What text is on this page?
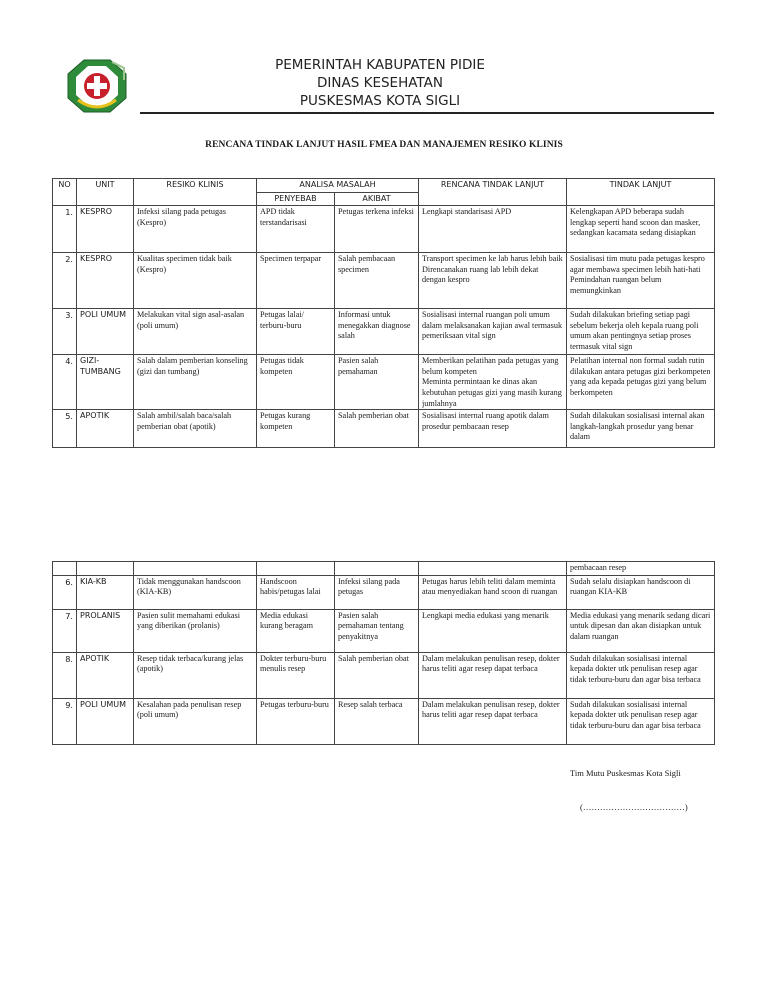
PEMERINTAH KABUPATEN PIDIE
DINAS KESEHATAN
PUSKESMAS KOTA SIGLI
RENCANA TINDAK LANJUT HASIL FMEA DAN MANAJEMEN RESIKO KLINIS
NO	UNIT	RESIKO KLINIS	ANALISA MASALAH		RENCANA TINDAK LANJUT	TINDAK LANJUT
			PENYEBAB	AKIBAT		

1.	KESPRO	Infeksi silang pada petugas (Kespro)	APD tidak terstandarisasi	Petugas terkena infeksi	Lengkapi standarisasi APD	Kelengkapan APD beberapa sudah lengkap seperti hand scoon dan masker, sedangkan kacamata sedang disiapkan

2.	KESPRO	Kualitas specimen tidak baik (Kespro)	Specimen terpapar	Salah pembacaan specimen	Transport specimen ke lab harus lebih baik
Direncanakan ruang lab lebih dekat dengan kespro	Sosialisasi tim mutu pada petugas kespro agar membawa specimen lebih hati-hati
Pemindahan ruangan belum memungkinkan

3.	POLI UMUM	Melakukan vital sign asal-asalan (poli umum)	Petugas lalai/ terburu-buru	Informasi untuk menegakkan diagnose salah	Sosialisasi internal ruangan poli umum dalam melaksanakan kajian awal termasuk pemeriksaan vital sign	Sudah dilakukan briefing setiap pagi sebelum bekerja oleh kepala ruang poli umum akan pentingnya setiap proses termasuk vital sign

4.	GIZI-TUMBANG	Salah dalam pemberian konseling (gizi dan tumbang)	Petugas tidak kompeten	Pasien salah pemahaman	Memberikan pelatihan pada petugas yang belum kompeten
Meminta permintaan ke dinas akan kebutuhan petugas gizi yang masih kurang jumlahnya	Pelatihan internal non formal sudah rutin dilakukan antara petugas gizi berkompeten yang ada kepada petugas gizi yang belum berkompeten

5.	APOTIK	Salah ambil/salah baca/salah pemberian obat (apotik)	Petugas kurang kompeten	Salah pemberian obat	Sosialisasi internal ruang apotik dalam prosedur pembacaan resep	Sudah dilakukan sosialisasi internal akan langkah-langkah prosedur yang benar dalam
						pembacaan resep

6.	KIA-KB	Tidak menggunakan handscoon (KIA-KB)	Handscoon habis/petugas lalai	Infeksi silang pada petugas	Petugas harus lebih teliti dalam meminta atau menyediakan hand scoon di ruangan	Sudah selalu disiapkan handscoon di ruangan KIA-KB

7.	PROLANIS	Pasien sulit memahami edukasi yang diberikan (prolanis)	Media edukasi kurang beragam	Pasien salah pemahaman tentang penyakitnya	Lengkapi media edukasi yang menarik	Media edukasi yang menarik sedang dicari untuk dipesan dan akan disiapkan untuk dalam ruangan

8.	APOTIK	Resep tidak terbaca/kurang jelas (apotik)	Dokter terburu-buru menulis resep	Salah pemberian obat	Dalam melakukan penulisan resep, dokter harus teliti agar resep dapat terbaca	Sudah dilakukan sosialisasi internal kepada dokter utk penulisan resep agar tidak terburu-buru dan agar bisa terbaca

9.	POLI UMUM	Kesalahan pada penulisan resep (poli umum)	Petugas terburu-buru	Resep salah terbaca	Dalam melakukan penulisan resep, dokter harus teliti agar resep dapat terbaca	Sudah dilakukan sosialisasi internal kepada dokter utk penulisan resep agar tidak terburu-buru dan agar bisa terbaca
Tim Mutu Puskesmas Kota Sigli
(………………………………)
